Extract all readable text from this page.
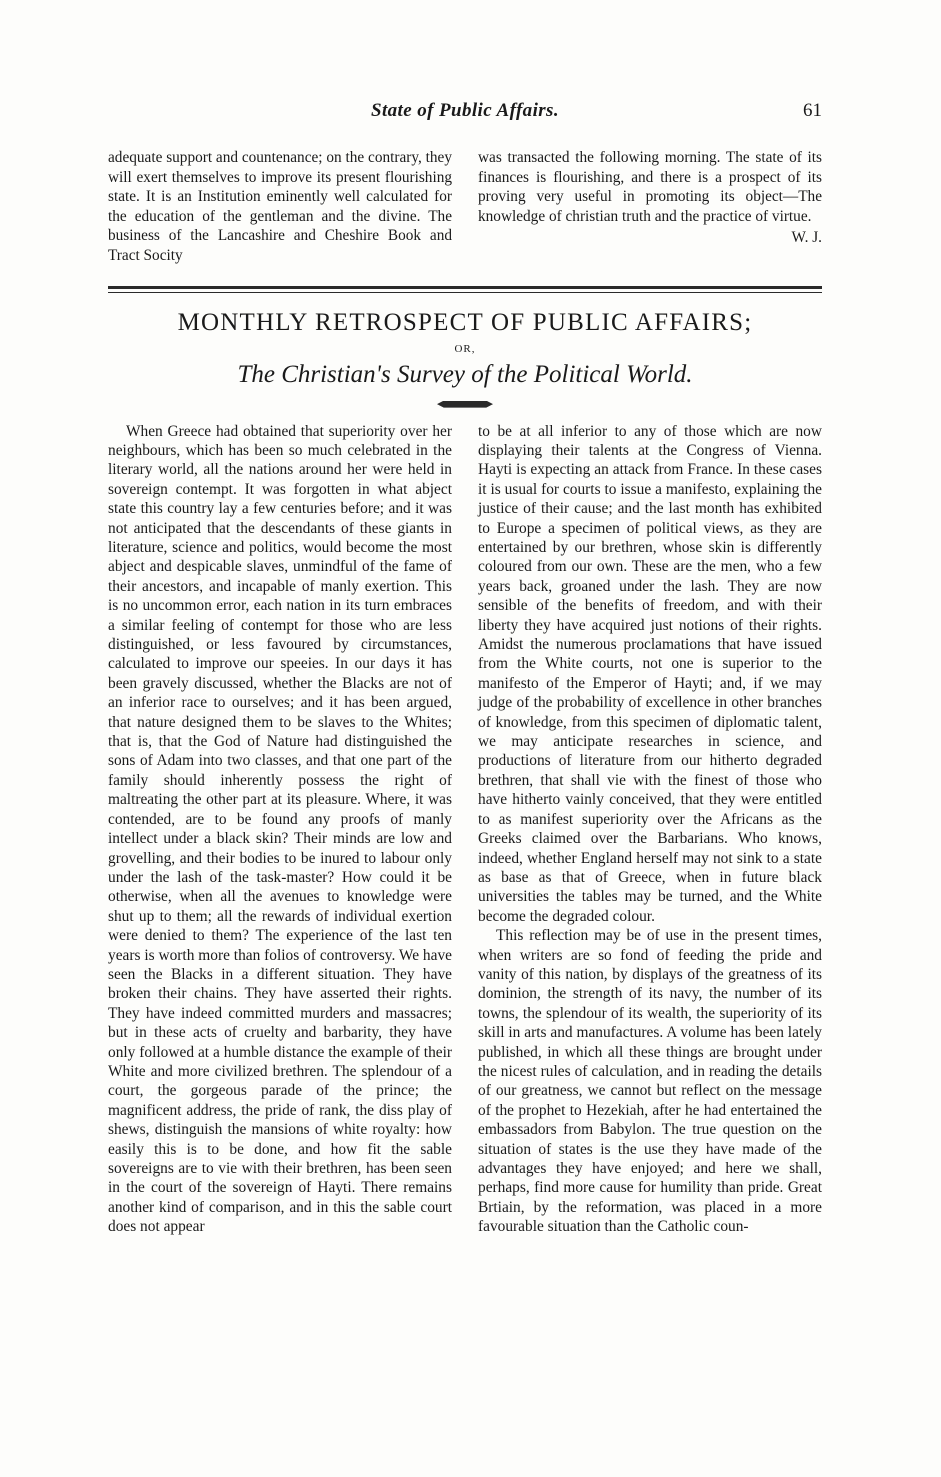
State of Public Affairs.	61

adequate support and countenance; on the contrary, they will exert themselves to improve its present flourishing state. It is an Institution eminently well calculated for the education of the gentleman and the divine. The business of the Lancashire and Cheshire Book and Tract Socity

was transacted the following morning. The state of its finances is flourishing, and there is a prospect of its proving very useful in promoting its object—The knowledge of christian truth and the practice of virtue.

W. J.
MONTHLY RETROSPECT OF PUBLIC AFFAIRS;
OR,
The Christian's Survey of the Political World.

When Greece had obtained that superiority over her neighbours, which has been so much celebrated in the literary world, all the nations around her were held in sovereign contempt. It was forgotten in what abject state this country lay a few centuries before; and it was not anticipated that the descendants of these giants in literature, science and politics, would become the most abject and despicable slaves, unmindful of the fame of their ancestors, and incapable of manly exertion. This is no uncommon error, each nation in its turn embraces a similar feeling of contempt for those who are less distinguished, or less favoured by circumstances, calculated to improve our speeies. In our days it has been gravely discussed, whether the Blacks are not of an inferior race to ourselves; and it has been argued, that nature designed them to be slaves to the Whites; that is, that the God of Nature had distinguished the sons of Adam into two classes, and that one part of the family should inherently possess the right of maltreating the other part at its pleasure. Where, it was contended, are to be found any proofs of manly intellect under a black skin? Their minds are low and grovelling, and their bodies to be inured to labour only under the lash of the task-master? How could it be otherwise, when all the avenues to knowledge were shut up to them; all the rewards of individual exertion were denied to them? The experience of the last ten years is worth more than folios of controversy. We have seen the Blacks in a different situation. They have broken their chains. They have asserted their rights. They have indeed committed murders and massacres; but in these acts of cruelty and barbarity, they have only followed at a humble distance the example of their White and more civilized brethren. The splendour of a court, the gorgeous parade of the prince; the magnificent address, the pride of rank, the diss play of shews, distinguish the mansions of white royalty: how easily this is to be done, and how fit the sable sovereigns are to vie with their brethren, has been seen in the court of the sovereign of Hayti. There remains another kind of comparison, and in this the sable court does not appear

to be at all inferior to any of those which are now displaying their talents at the Congress of Vienna. Hayti is expecting an attack from France. In these cases it is usual for courts to issue a manifesto, explaining the justice of their cause; and the last month has exhibited to Europe a specimen of political views, as they are entertained by our brethren, whose skin is differently coloured from our own. These are the men, who a few years back, groaned under the lash. They are now sensible of the benefits of freedom, and with their liberty they have acquired just notions of their rights. Amidst the numerous proclamations that have issued from the White courts, not one is superior to the manifesto of the Emperor of Hayti; and, if we may judge of the probability of excellence in other branches of knowledge, from this specimen of diplomatic talent, we may anticipate researches in science, and productions of literature from our hitherto degraded brethren, that shall vie with the finest of those who have hitherto vainly conceived, that they were entitled to as manifest superiority over the Africans as the Greeks claimed over the Barbarians. Who knows, indeed, whether England herself may not sink to a state as base as that of Greece, when in future black universities the tables may be turned, and the White become the degraded colour.

This reflection may be of use in the present times, when writers are so fond of feeding the pride and vanity of this nation, by displays of the greatness of its dominion, the strength of its navy, the number of its towns, the splendour of its wealth, the superiority of its skill in arts and manufactures. A volume has been lately published, in which all these things are brought under the nicest rules of calculation, and in reading the details of our greatness, we cannot but reflect on the message of the prophet to Hezekiah, after he had entertained the embassadors from Babylon. The true question on the situation of states is the use they have made of the advantages they have enjoyed; and here we shall, perhaps, find more cause for humility than pride. Great Brtiain, by the reformation, was placed in a more favourable situation than the Catholic coun-
